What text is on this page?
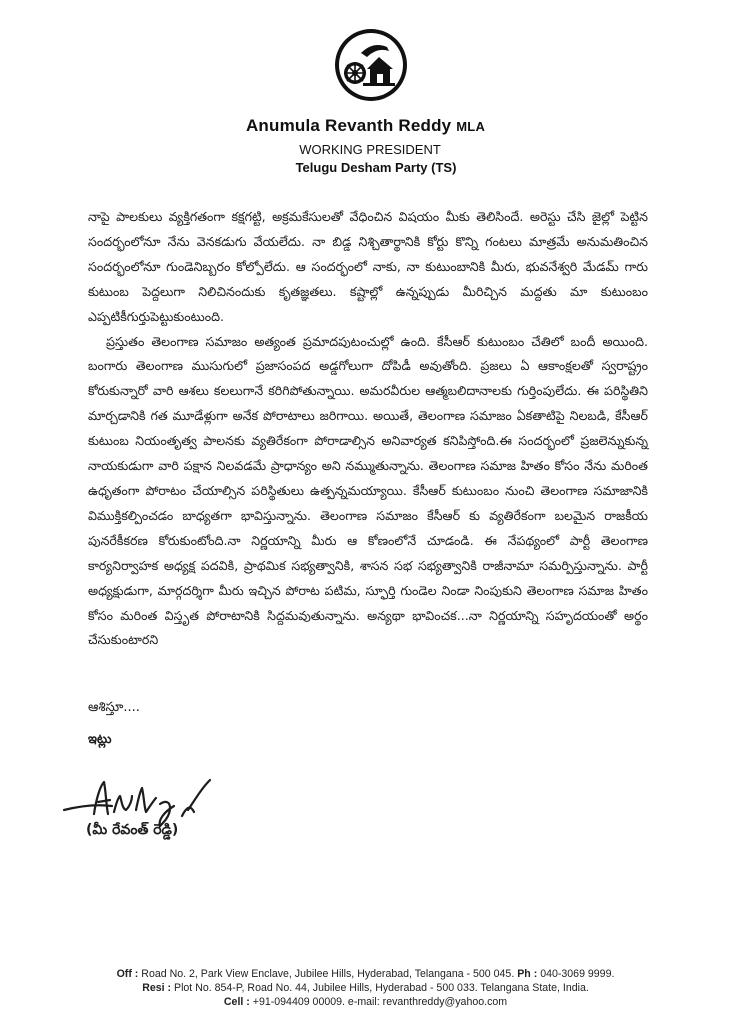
Anumula Revanth Reddy MLA
WORKING PRESIDENT
Telugu Desham Party (TS)

నాపై పాలకులు వ్యక్తిగతంగా కక్షగట్టి, అక్రమకేసులతో వేధించిన విషయం మీకు తెలిసిందే. అరెస్టు చేసి జైల్లో పెట్టిన సందర్భంలోనూ నేను వెనకడుగు వేయలేదు. నా బిడ్డ నిశ్చితార్థానికి కోర్టు కొన్ని గంటలు మాత్రమే అనుమతించిన సందర్భంలోనూ గుండెనిబ్బరం కోల్పోలేదు. ఆ సందర్భంలో నాకు, నా కుటుంబానికి మీరు, భువనేశ్వరి మేడమ్ గారు కుటుంబ పెద్దలుగా నిలిచినందుకు కృతజ్ఞతలు. కష్టాల్లో ఉన్నప్పుడు మీరిచ్చిన మద్దతు మా కుటుంబం ఎప్పటికీగుర్తుపెట్టుకుంటుంది.

ప్రస్తుతం తెలంగాణ సమాజం అత్యంత ప్రమాదపుటంచుల్లో ఉంది. కేసీఆర్ కుటుంబం చేతిలో బందీ అయింది. బంగారు తెలంగాణ ముసుగులో ప్రజాసంపద అడ్డగోలుగా దోపిడీ అవుతోంది. ప్రజలు ఏ ఆకాంక్షలతో స్వరాష్ట్రం కోరుకున్నారో వారి ఆశలు కలలుగానే కరిగిపోతున్నాయి. అమరవీరుల ఆత్మబలిదానాలకు గుర్తింపులేదు. ఈ పరిస్థితిని మార్చడానికి గత మూడేళ్లుగా అనేక పోరాటాలు జరిగాయి. అయితే, తెలంగాణ సమాజం ఏకతాటిపై నిలబడి, కేసీఆర్ కుటుంబ నియంతృత్వ పాలనకు వ్యతిరేకంగా పోరాడాల్సిన అనివార్యత కనిపిస్తోంది.ఈ సందర్భంలో ప్రజలెన్నుకున్న నాయకుడుగా వారి పక్షాన నిలవడమే ప్రాధాన్యం అని నమ్ముతున్నాను. తెలంగాణ సమాజ హితం కోసం నేను మరింత ఉధృతంగా పోరాటం చేయాల్సిన పరిస్థితులు ఉత్పన్నమయ్యాయి. కేసీఆర్ కుటుంబం నుంచి తెలంగాణ సమాజానికి విముక్తికల్పించడం బాధ్యతగా భావిస్తున్నాను. తెలంగాణ సమాజం కేసీఆర్ కు వ్యతిరేకంగా బలమైన రాజకీయ పునరేకీకరణ కోరుకుంటోంది.నా నిర్ణయాన్ని మీరు ఆ కోణంలోనే చూడండి. ఈ నేపథ్యంలో పార్టీ తెలంగాణ కార్యనిర్వాహక అధ్యక్ష పదవికి, ప్రాథమిక సభ్యత్వానికి, శాసన సభ సభ్యత్వానికి రాజీనామా సమర్పిస్తున్నాను. పార్టీ అధ్యక్షుడుగా, మార్గదర్శిగా మీరు ఇచ్చిన పోరాట పటిమ, స్ఫూర్తి గుండెల నిండా నింపుకుని తెలంగాణ సమాజ హితం కోసం మరింత విస్తృత పోరాటానికి సిద్దమవుతున్నాను. అన్యథా భావించక...నా నిర్ణయాన్ని సహృదయంతో అర్థం చేసుకుంటారని

ఆశిస్తూ....
ఇట్లు
(మీ రేవంత్ రెడ్డి)
Off : Road No. 2, Park View Enclave, Jubilee Hills, Hyderabad, Telangana - 500 045. Ph : 040-3069 9999.
Resi : Plot No. 854-P, Road No. 44, Jubilee Hills, Hyderabad - 500 033. Telangana State, India.
Cell : +91-094409 00009. e-mail: revanthreddy@yahoo.com
